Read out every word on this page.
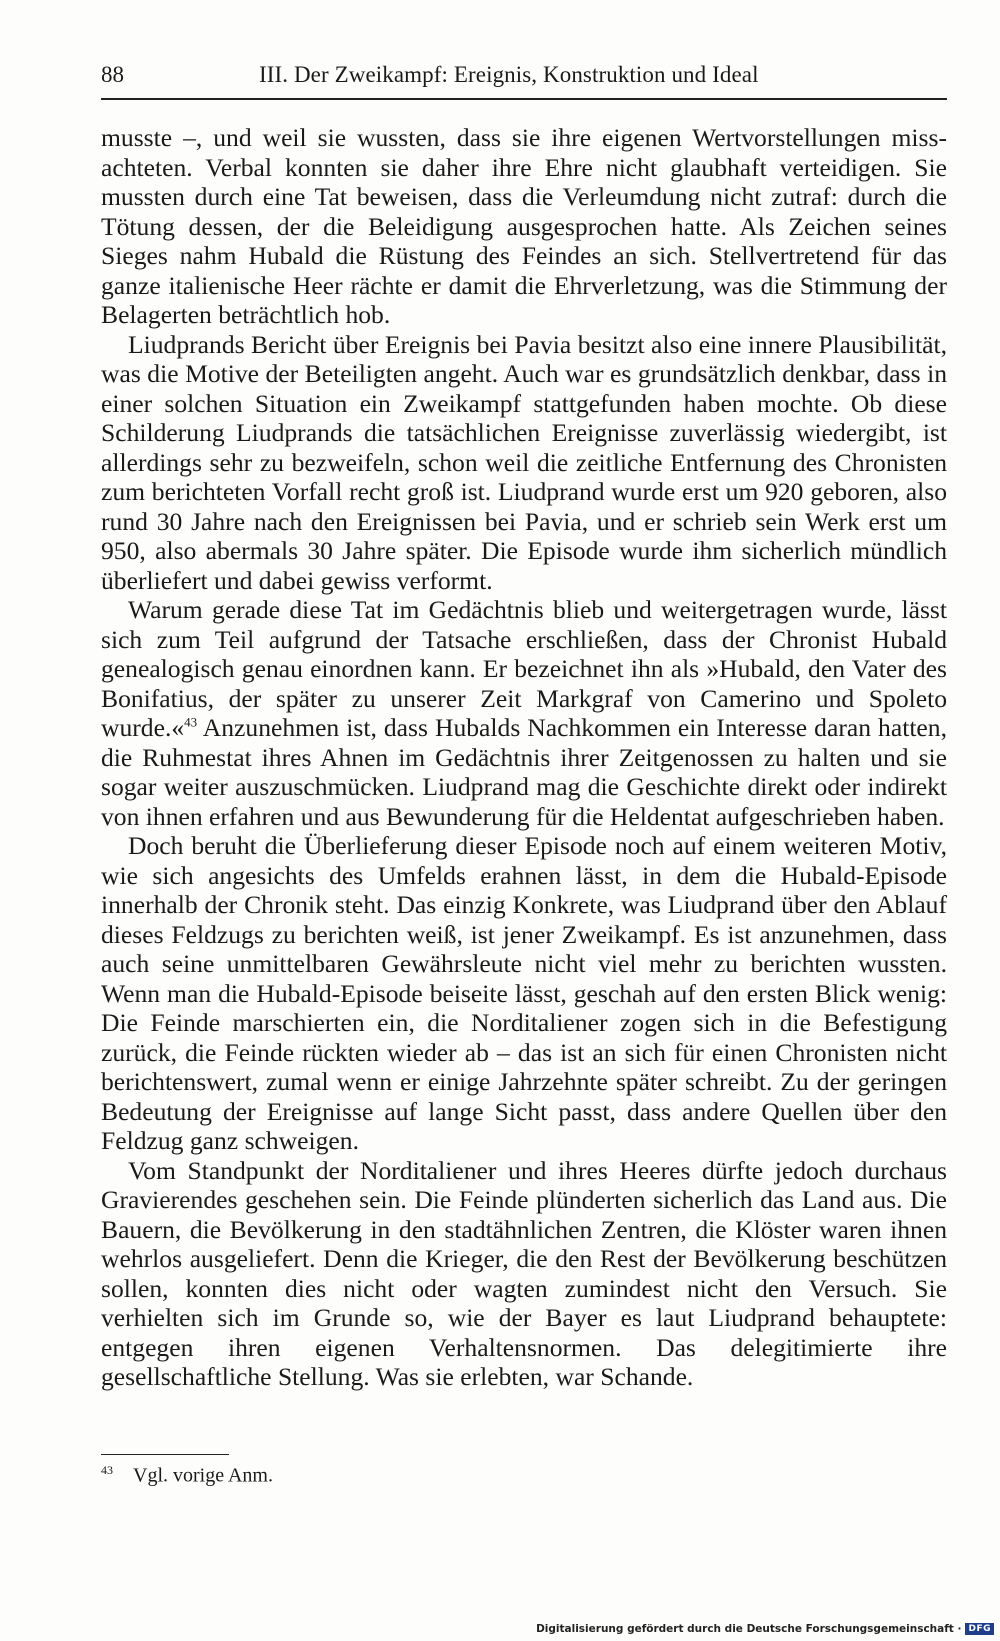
88	III. Der Zweikampf: Ereignis, Konstruktion und Ideal

musste –, und weil sie wussten, dass sie ihre eigenen Wertvorstellungen missachteten. Verbal konnten sie daher ihre Ehre nicht glaubhaft verteidigen. Sie mussten durch eine Tat beweisen, dass die Verleumdung nicht zutraf: durch die Tötung dessen, der die Beleidigung ausgesprochen hatte. Als Zeichen seines Sieges nahm Hubald die Rüstung des Feindes an sich. Stellvertretend für das ganze italienische Heer rächte er damit die Ehrverletzung, was die Stimmung der Belagerten beträchtlich hob.

Liudprands Bericht über Ereignis bei Pavia besitzt also eine innere Plausibilität, was die Motive der Beteiligten angeht. Auch war es grundsätzlich denkbar, dass in einer solchen Situation ein Zweikampf stattgefunden haben mochte. Ob diese Schilderung Liudprands die tatsächlichen Ereignisse zuverlässig wiedergibt, ist allerdings sehr zu bezweifeln, schon weil die zeitliche Entfernung des Chronisten zum berichteten Vorfall recht groß ist. Liudprand wurde erst um 920 geboren, also rund 30 Jahre nach den Ereignissen bei Pavia, und er schrieb sein Werk erst um 950, also abermals 30 Jahre später. Die Episode wurde ihm sicherlich mündlich überliefert und dabei gewiss verformt.

Warum gerade diese Tat im Gedächtnis blieb und weitergetragen wurde, lässt sich zum Teil aufgrund der Tatsache erschließen, dass der Chronist Hubald genealogisch genau einordnen kann. Er bezeichnet ihn als »Hubald, den Vater des Bonifatius, der später zu unserer Zeit Markgraf von Camerino und Spoleto wurde.«$^{43}$ Anzunehmen ist, dass Hubalds Nachkommen ein Interesse daran hatten, die Ruhmestat ihres Ahnen im Gedächtnis ihrer Zeitgenossen zu halten und sie sogar weiter auszuschmücken. Liudprand mag die Geschichte direkt oder indirekt von ihnen erfahren und aus Bewunderung für die Heldentat aufgeschrieben haben.

Doch beruht die Überlieferung dieser Episode noch auf einem weiteren Motiv, wie sich angesichts des Umfelds erahnen lässt, in dem die Hubald-Episode innerhalb der Chronik steht. Das einzig Konkrete, was Liudprand über den Ablauf dieses Feldzugs zu berichten weiß, ist jener Zweikampf. Es ist anzunehmen, dass auch seine unmittelbaren Gewährsleute nicht viel mehr zu berichten wussten. Wenn man die Hubald-Episode beiseite lässt, geschah auf den ersten Blick wenig: Die Feinde marschierten ein, die Norditaliener zogen sich in die Befestigung zurück, die Feinde rückten wieder ab – das ist an sich für einen Chronisten nicht berichtenswert, zumal wenn er einige Jahrzehnte später schreibt. Zu der geringen Bedeutung der Ereignisse auf lange Sicht passt, dass andere Quellen über den Feldzug ganz schweigen.

Vom Standpunkt der Norditaliener und ihres Heeres dürfte jedoch durchaus Gravierendes geschehen sein. Die Feinde plünderten sicherlich das Land aus. Die Bauern, die Bevölkerung in den stadtähnlichen Zentren, die Klöster waren ihnen wehrlos ausgeliefert. Denn die Krieger, die den Rest der Bevölkerung beschützen sollen, konnten dies nicht oder wagten zumindest nicht den Versuch. Sie verhielten sich im Grunde so, wie der Bayer es laut Liudprand behauptete: entgegen ihren eigenen Verhaltensnormen. Das delegitimierte ihre gesellschaftliche Stellung. Was sie erlebten, war Schande.

$^{43}$ Vgl. vorige Anm.
Digitalisierung gefördert durch die Deutsche Forschungsgemeinschaft · DFG
